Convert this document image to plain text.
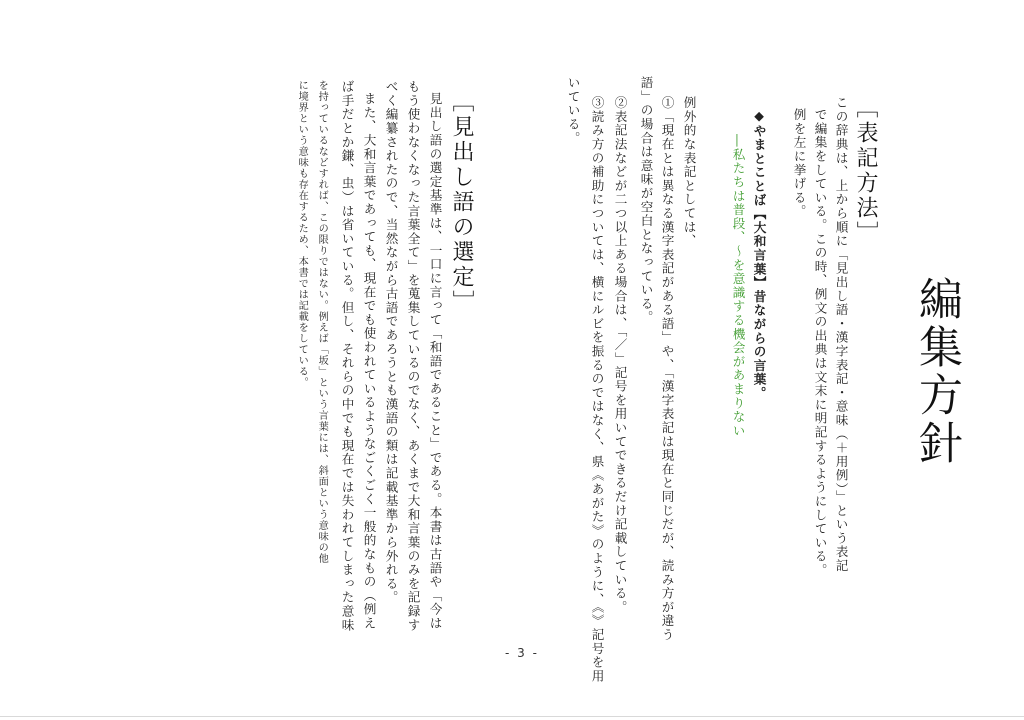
編集方針
［表記方法］
この辞典は、上から順に「見出し語・漢字表記・意味（＋用例）」という表記
で編集をしている。この時、例文の出典は文末に明記するようにしている。
例を左に挙げる。
◆やまとことば【大和言葉】昔ながらの言葉。
―私たちは普段、～を意識する機会があまりない
例外的な表記としては、
①「現在とは異なる漢字表記がある語」や、「漢字表記は現在と同じだが、読み方が違う
語」の場合は意味が空白となっている。
②表記法などが二つ以上ある場合は、「／」記号を用いてできるだけ記載している。
③読み方の補助については、横にルビを振るのではなく、県《あがた》のように、《》記号を用
いている。
［見出し語の選定］
見出し語の選定基準は、一口に言って「和語であること」である。本書は古語や「今は
もう使わなくなった言葉全て」を蒐集しているのでなく、あくまで大和言葉のみを記録す
べく編纂されたので、当然ながら古語であろうとも漢語の類は記載基準から外れる。
また、大和言葉であっても、現在でも使われているようなごくごく一般的なもの（例え
ば手だとか鎌、虫）は省いている。但し、それらの中でも現在では失われてしまった意味
を持っているなどすれば、この限りではない。例えば「坂」という言葉には、斜面という意味の他
に境界という意味も存在するため、本書では記載をしている。
- 3 -
